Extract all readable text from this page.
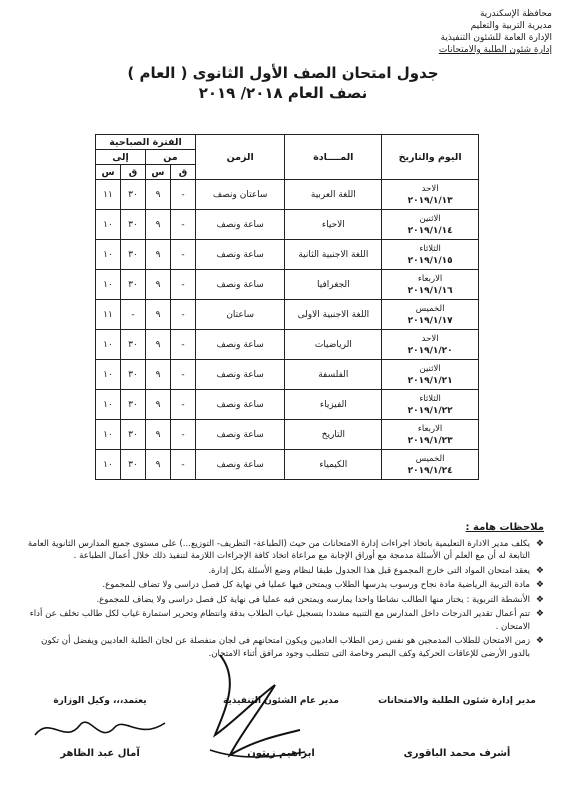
محافظة الإسكندرية
مديرية التربية والتعليم
الإدارة العامة للشئون التنفيذية
إدارة شئون الطلبة والامتحانات
جدول امتحان الصف الأول الثانوى ( العام )
نصف العام ٢٠١٨/ ٢٠١٩
اليوم والتاريخ	المــــادة	الزمن	الفترة الصباحية			
			من		إلى	
			ق	س	ق	س

الاحد
٢٠١٩/١/١٣	اللغة العربية	ساعتان ونصف	-	٩	٣٠	١١

الاثنين
٢٠١٩/١/١٤	الاحياء	ساعة ونصف	-	٩	٣٠	١٠

الثلاثاء
٢٠١٩/١/١٥	اللغة الاجنبية الثانية	ساعة ونصف	-	٩	٣٠	١٠

الاربعاء
٢٠١٩/١/١٦	الجغرافيا	ساعة ونصف	-	٩	٣٠	١٠

الخميس
٢٠١٩/١/١٧	اللغة الاجنبية الاولى	ساعتان	-	٩	-	١١

الاحد
٢٠١٩/١/٢٠	الرياضيات	ساعة ونصف	-	٩	٣٠	١٠

الاثنين
٢٠١٩/١/٢١	الفلسفة	ساعة ونصف	-	٩	٣٠	١٠

الثلاثاء
٢٠١٩/١/٢٢	الفيزياء	ساعة ونصف	-	٩	٣٠	١٠

الاربعاء
٢٠١٩/١/٢٣	التاريخ	ساعة ونصف	-	٩	٣٠	١٠

الخميس
٢٠١٩/١/٢٤	الكيمياء	ساعة ونصف	-	٩	٣٠	١٠
ملاحظات هامة :
❖
يكلف مدير الادارة التعليمية باتخاذ اجراءات إدارة الامتحانات من حيث (الطباعة- التظريف- التوزيع...) على مستوى جميع المدارس الثانوية العامة التابعة له أن مع العلم أن الأسئلة مدمجة مع أوراق الإجابة مع مراعاة اتخاذ كافة الإجراءات اللازمة لتنفيذ ذلك خلال أعمال الطباعة .
❖
يعقد امتحان المواد التى خارج المجموع قبل هذا الجدول طبقا لنظام وضع الأسئلة بكل إدارة.
❖
مادة التربية الرياضية مادة نجاح ورسوب يدرسها الطلاب ويمتحن فيها عمليا في نهاية كل فصل دراسى ولا تضاف للمجموع.
❖
الأنشطة التربوية : يختار منها الطالب نشاطا واحدا يمارسه ويمتحن فيه عمليا فى نهاية كل فصل دراسى ولا يضاف للمجموع.
❖
تتم أعمال تقدير الدرجات داخل المدارس مع التنبيه مشددا بتسجيل غياب الطلاب بدقة وانتظام وتحرير استمارة غياب لكل طالب تخلف عن أداء الامتحان .
❖
زمن الامتحان للطلاب المدمجين هو نفس زمن الطلاب العاديين ويكون امتحانهم فى لجان منفصلة عن لجان الطلبة العاديين ويفضل أن تكون بالدور الأرضى للإعاقات الحركية وكف البصر وخاصة التى تتطلب وجود مرافق أثناء الامتحان.
مدير إدارة شئون الطلبة والامتحانات
أشرف محمد الباقورى
مدير عام الشئون التنفيذية
ابراهيم زيتون
يعتمد،،، وكيل الوزارة
آمال عبد الظاهر
